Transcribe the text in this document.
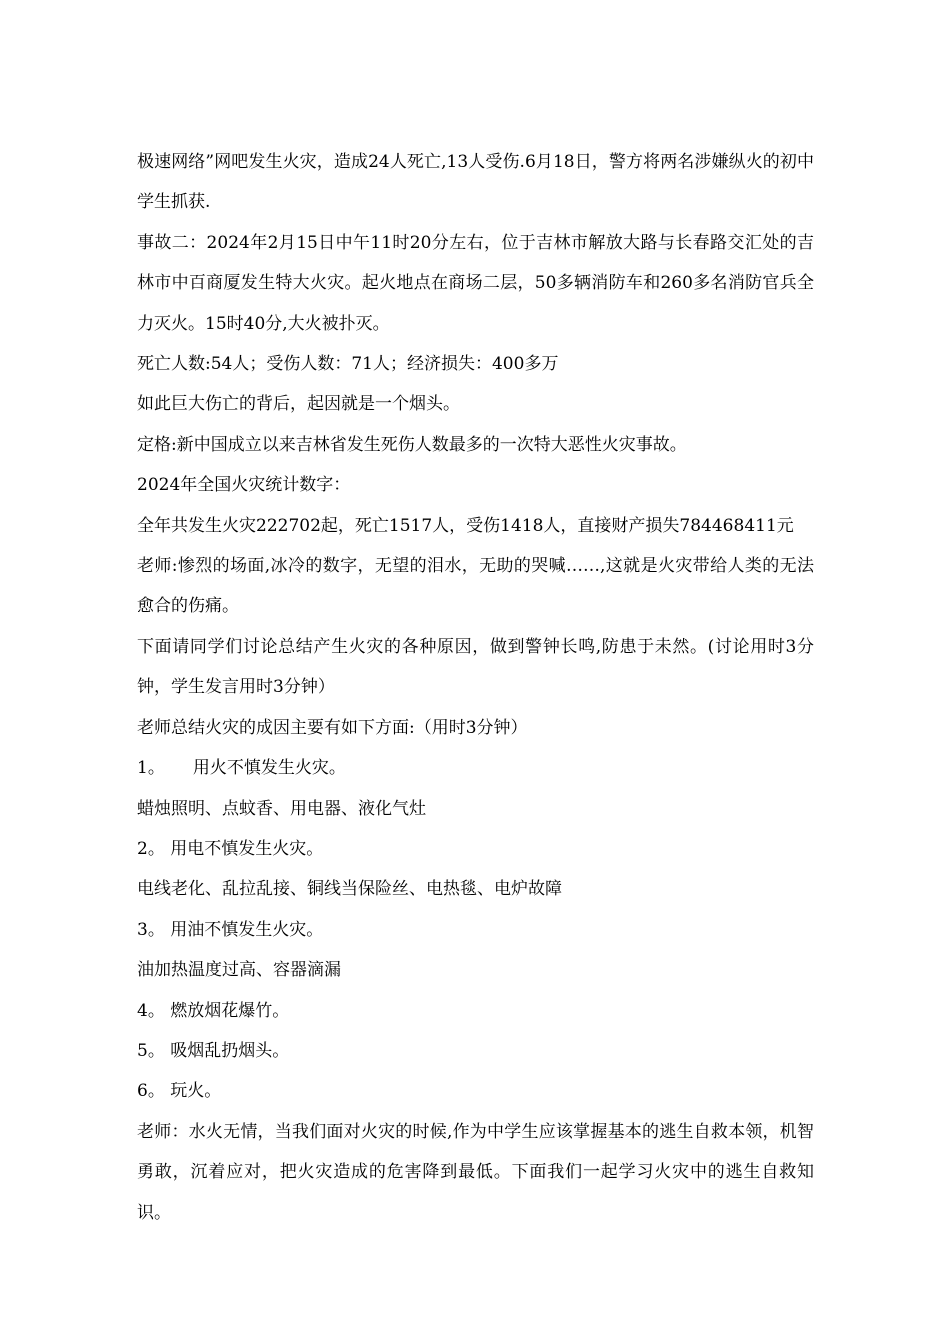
极速网络”网吧发生火灾，造成24人死亡,13人受伤.6月18日，警方将两名涉嫌纵火的初中学生抓获.

事故二：2024年2月15日中午11时20分左右，位于吉林市解放大路与长春路交汇处的吉林市中百商厦发生特大火灾。起火地点在商场二层，50多辆消防车和260多名消防官兵全力灭火。15时40分,大火被扑灭。

死亡人数:54人；受伤人数：71人；经济损失：400多万

如此巨大伤亡的背后，起因就是一个烟头。

定格:新中国成立以来吉林省发生死伤人数最多的一次特大恶性火灾事故。

2024年全国火灾统计数字：

全年共发生火灾222702起，死亡1517人，受伤1418人，直接财产损失784468411元

老师:惨烈的场面,冰冷的数字，无望的泪水，无助的哭喊……,这就是火灾带给人类的无法愈合的伤痛。

下面请同学们讨论总结产生火灾的各种原因，做到警钟长鸣,防患于未然。(讨论用时3分钟，学生发言用时3分钟）

老师总结火灾的成因主要有如下方面:（用时3分钟）

1。 用火不慎发生火灾。

蜡烛照明、点蚊香、用电器、液化气灶

2。 用电不慎发生火灾。

电线老化、乱拉乱接、铜线当保险丝、电热毯、电炉故障

3。 用油不慎发生火灾。

油加热温度过高、容器滴漏

4。 燃放烟花爆竹。

5。 吸烟乱扔烟头。

6。 玩火。

老师：水火无情，当我们面对火灾的时候,作为中学生应该掌握基本的逃生自救本领，机智勇敢，沉着应对，把火灾造成的危害降到最低。下面我们一起学习火灾中的逃生自救知识。
